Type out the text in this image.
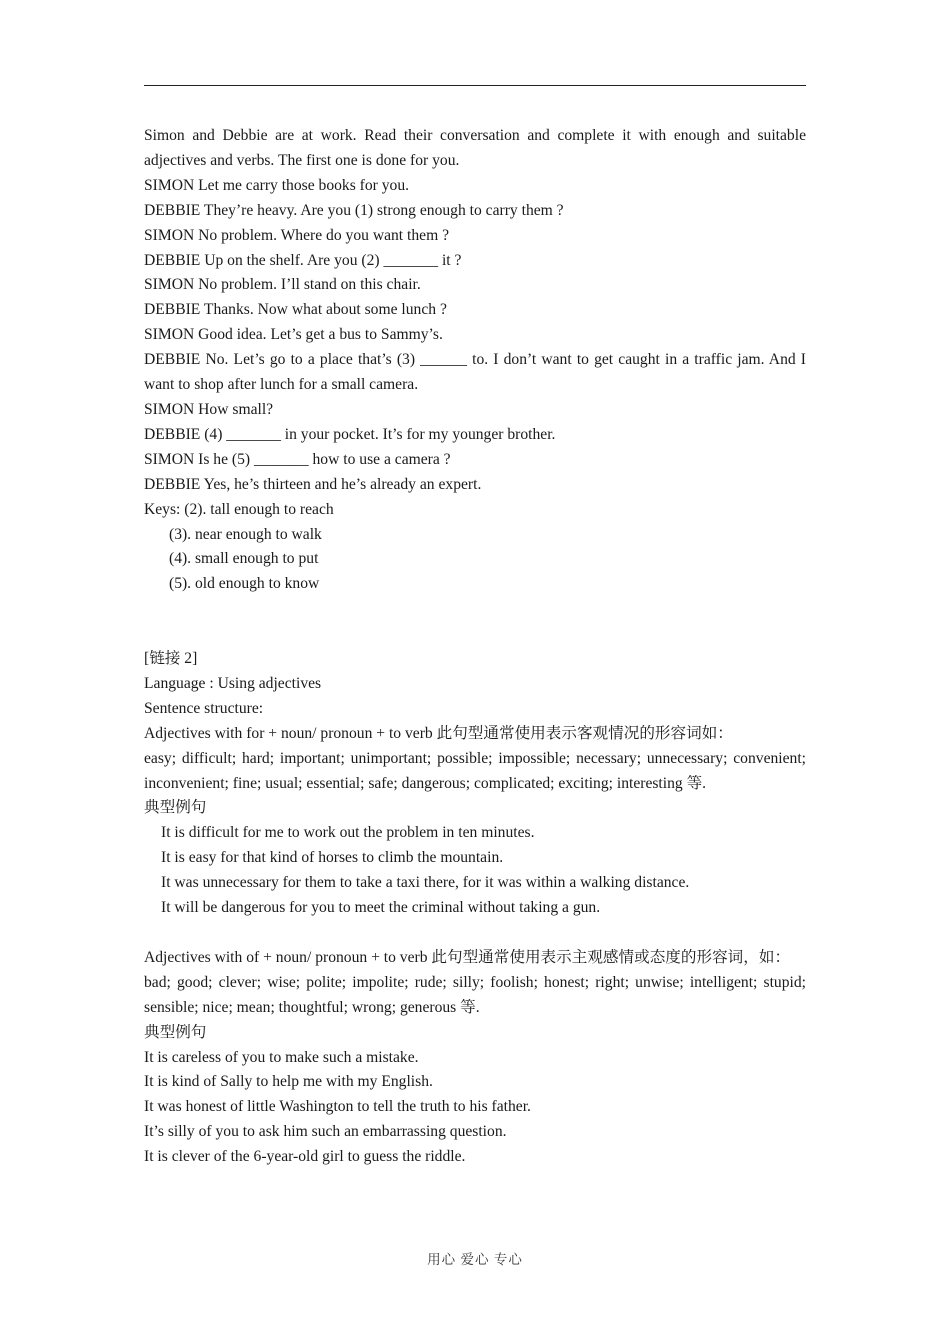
Simon and Debbie are at work. Read their conversation and complete it with enough and suitable adjectives and verbs. The first one is done for you.

SIMON Let me carry those books for you.

DEBBIE They’re heavy. Are you (1) strong enough to carry them ?

SIMON No problem. Where do you want them ?

DEBBIE Up on the shelf. Are you (2) _______ it ?

SIMON No problem. I’ll stand on this chair.

DEBBIE Thanks. Now what about some lunch ?

SIMON Good idea. Let’s get a bus to Sammy’s.

DEBBIE No. Let’s go to a place that’s (3) ______ to. I don’t want to get caught in a traffic jam. And I want to shop after lunch for a small camera.

SIMON How small?

DEBBIE (4) _______ in your pocket. It’s for my younger brother.

SIMON Is he (5) _______ how to use a camera ?

DEBBIE Yes, he’s thirteen and he’s already an expert.

Keys: (2). tall enough to reach

(3). near enough to walk

(4). small enough to put

(5). old enough to know

[链接 2]

Language : Using adjectives

Sentence structure:

Adjectives with for + noun/ pronoun + to verb 此句型通常使用表示客观情况的形容词如：

easy; difficult; hard; important; unimportant; possible; impossible; necessary; unnecessary; convenient; inconvenient; fine; usual; essential; safe; dangerous; complicated; exciting; interesting 等.

典型例句

It is difficult for me to work out the problem in ten minutes.

It is easy for that kind of horses to climb the mountain.

It was unnecessary for them to take a taxi there, for it was within a walking distance.

It will be dangerous for you to meet the criminal without taking a gun.

Adjectives with of + noun/ pronoun + to verb 此句型通常使用表示主观感情或态度的形容词，如：

bad; good; clever; wise; polite; impolite; rude; silly; foolish; honest; right; unwise; intelligent; stupid; sensible; nice; mean; thoughtful; wrong; generous 等.

典型例句

It is careless of you to make such a mistake.

It is kind of Sally to help me with my English.

It was honest of little Washington to tell the truth to his father.

It’s silly of you to ask him such an embarrassing question.

It is clever of the 6-year-old girl to guess the riddle.

用心 爱心 专心
